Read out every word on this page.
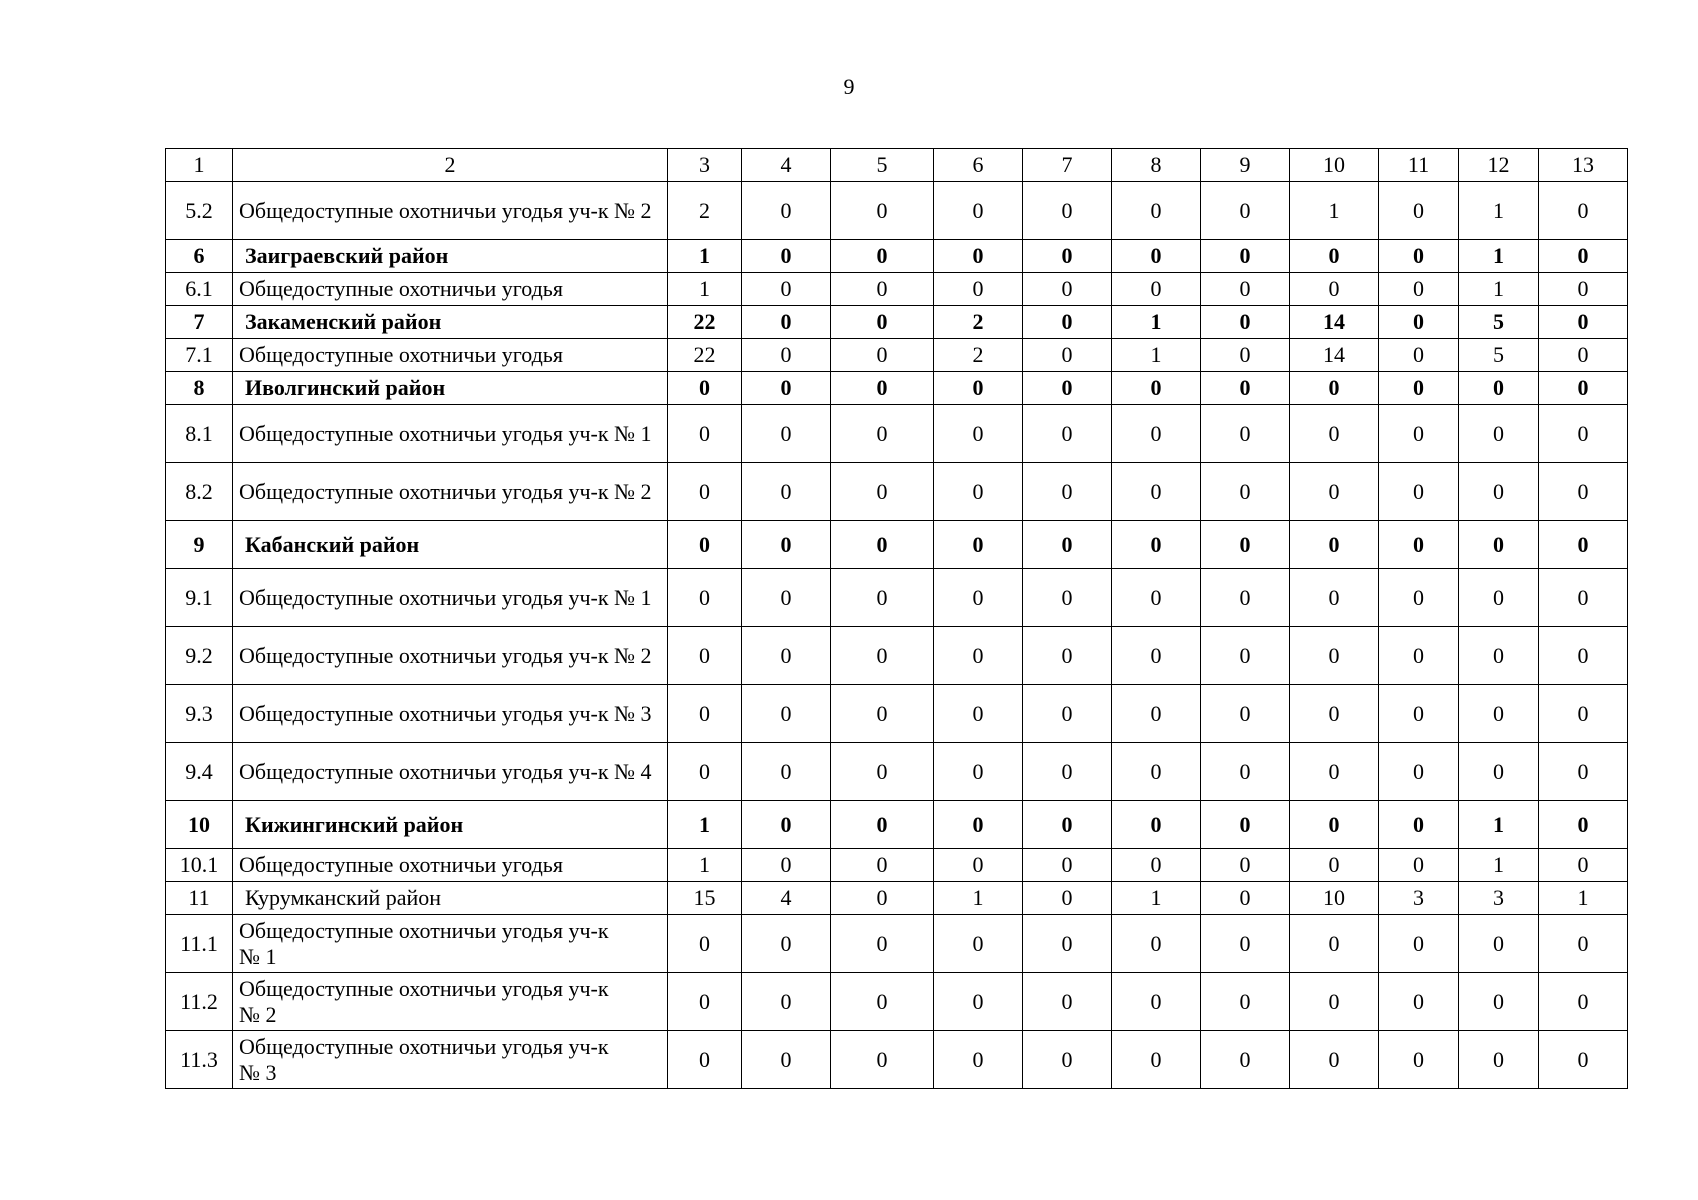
9
1	2	3	4	5	6	7	8	9	10	11	12	13
5.2	Общедоступные охотничьи угодья уч-к № 2	2	0	0	0	0	0	0	1	0	1	0
6	Заиграевский район	1	0	0	0	0	0	0	0	0	1	0
6.1	Общедоступные охотничьи угодья	1	0	0	0	0	0	0	0	0	1	0
7	Закаменский район	22	0	0	2	0	1	0	14	0	5	0
7.1	Общедоступные охотничьи угодья	22	0	0	2	0	1	0	14	0	5	0
8	Иволгинский район	0	0	0	0	0	0	0	0	0	0	0
8.1	Общедоступные охотничьи угодья уч-к № 1	0	0	0	0	0	0	0	0	0	0	0
8.2	Общедоступные охотничьи угодья уч-к № 2	0	0	0	0	0	0	0	0	0	0	0
9	Кабанский район	0	0	0	0	0	0	0	0	0	0	0
9.1	Общедоступные охотничьи угодья уч-к № 1	0	0	0	0	0	0	0	0	0	0	0
9.2	Общедоступные охотничьи угодья уч-к № 2	0	0	0	0	0	0	0	0	0	0	0
9.3	Общедоступные охотничьи угодья уч-к № 3	0	0	0	0	0	0	0	0	0	0	0
9.4	Общедоступные охотничьи угодья уч-к № 4	0	0	0	0	0	0	0	0	0	0	0
10	Кижингинский район	1	0	0	0	0	0	0	0	0	1	0
10.1	Общедоступные охотничьи угодья	1	0	0	0	0	0	0	0	0	1	0
11	Курумканский район	15	4	0	1	0	1	0	10	3	3	1
11.1	Общедоступные охотничьи угодья уч-к № 1	0	0	0	0	0	0	0	0	0	0	0
11.2	Общедоступные охотничьи угодья уч-к № 2	0	0	0	0	0	0	0	0	0	0	0
11.3	Общедоступные охотничьи угодья уч-к № 3	0	0	0	0	0	0	0	0	0	0	0
